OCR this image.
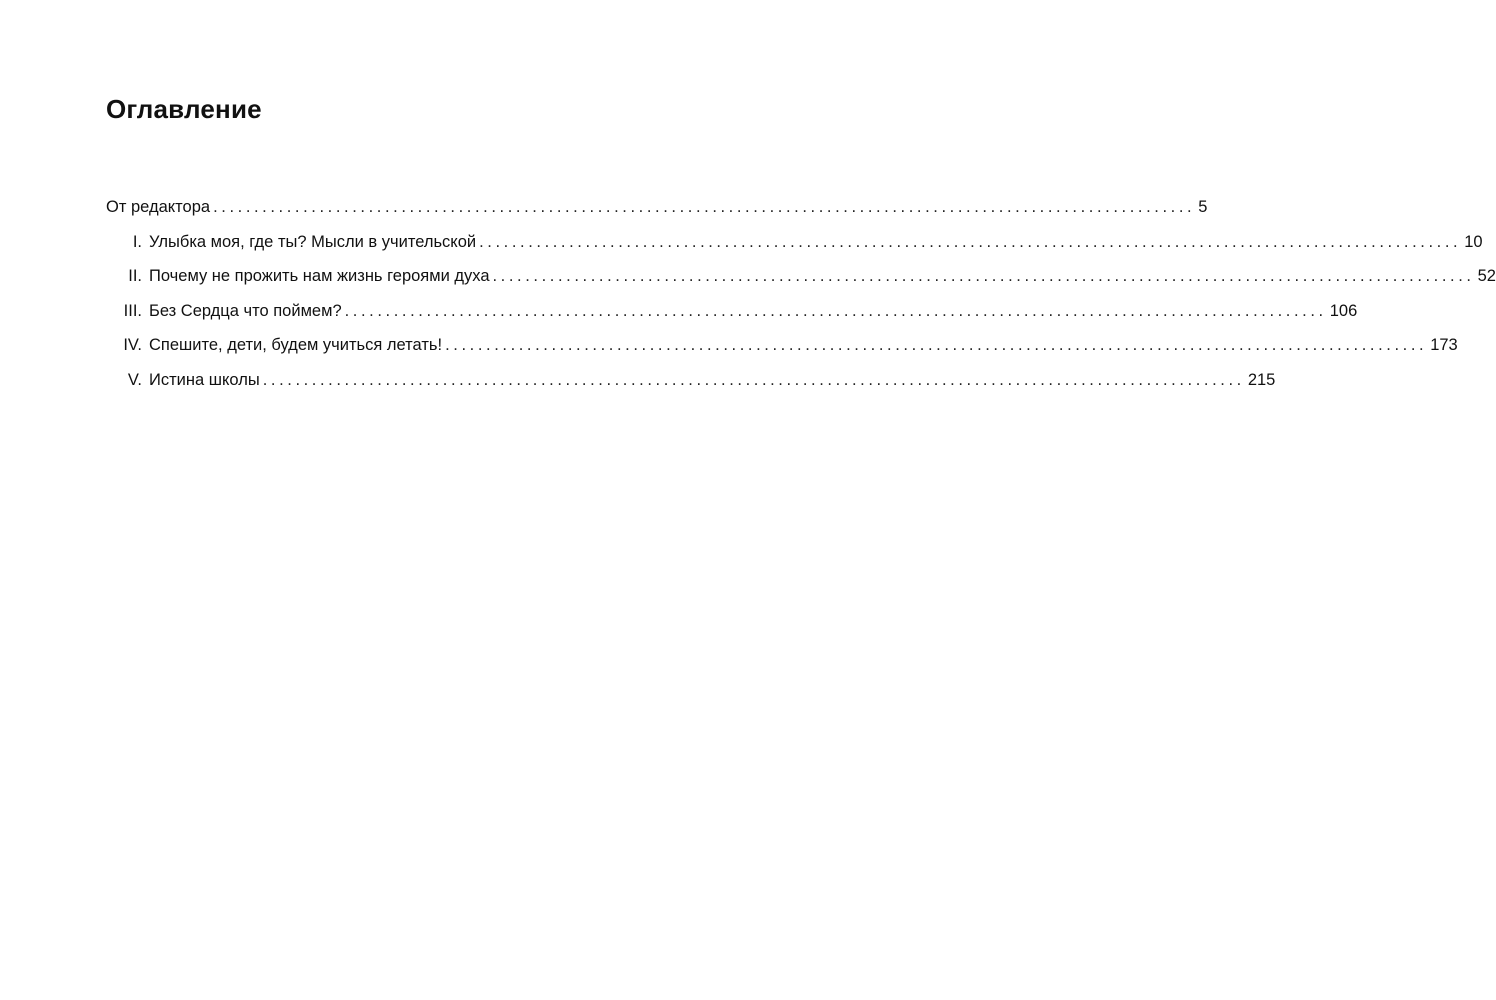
Оглавление
От редактора ........................................................................................................................ 5
I. Улыбка моя, где ты? Мысли в учительской ........................................................................................................................ 10
II. Почему не прожить нам жизнь героями духа ........................................................................................................................ 52
III. Без Сердца что поймем? ........................................................................................................................ 106
IV. Спешите, дети, будем учиться летать! ........................................................................................................................ 173
V. Истина школы ........................................................................................................................ 215
